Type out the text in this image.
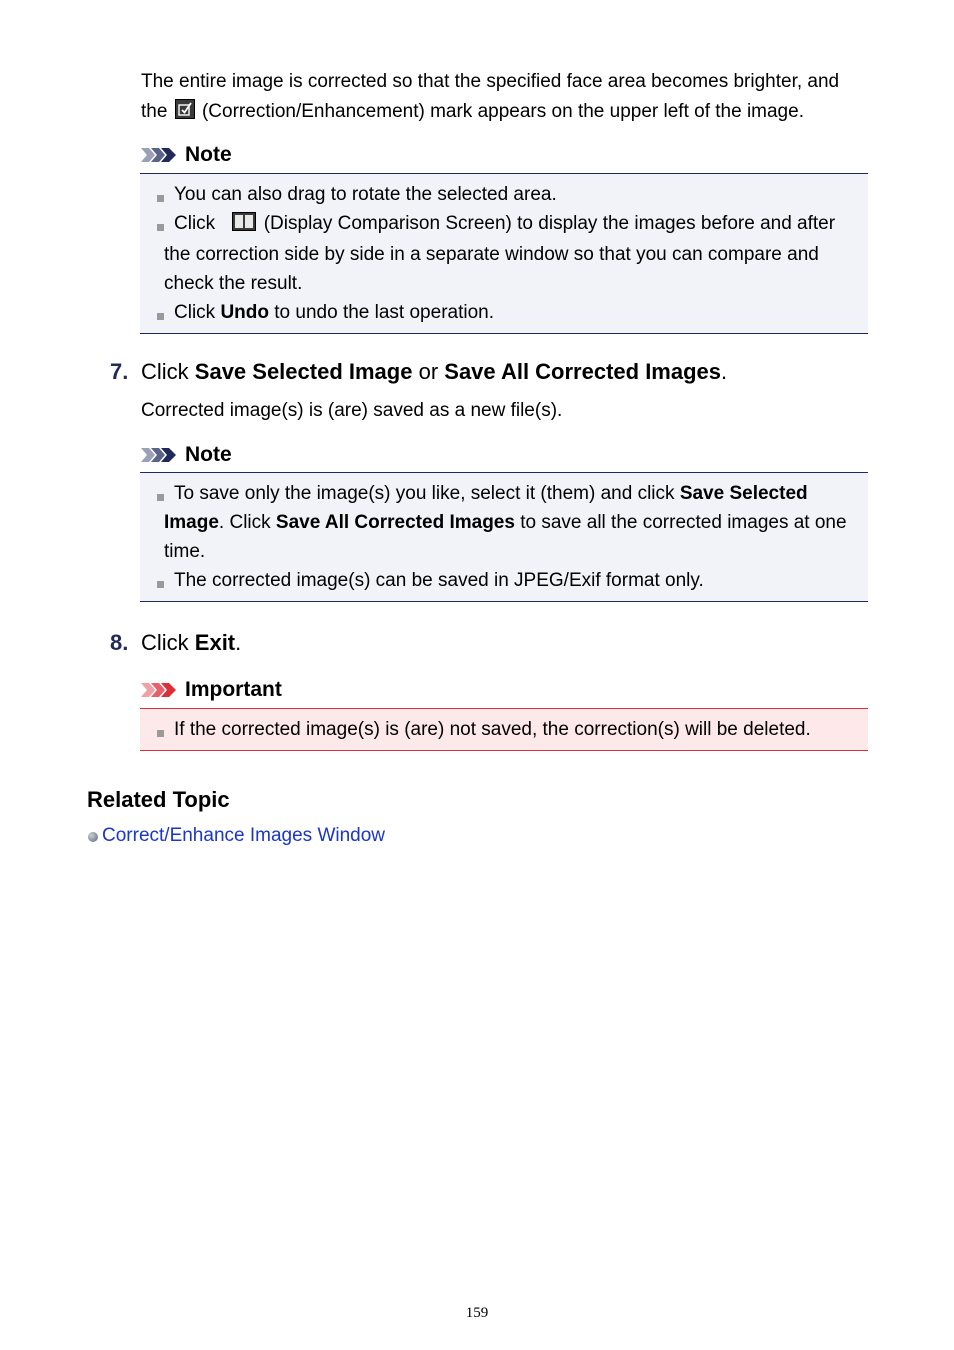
The entire image is corrected so that the specified face area becomes brighter, and
the (Correction/Enhancement) mark appears on the upper left of the image.
Note
You can also drag to rotate the selected area.
Click	(Display Comparison Screen) to display the images before and after the correction side by side in a separate window so that you can compare and check the result.
Click Undo to undo the last operation.
7. Click Save Selected Image or Save All Corrected Images.
Corrected image(s) is (are) saved as a new file(s).
Note
To save only the image(s) you like, select it (them) and click Save Selected Image. Click Save All Corrected Images to save all the corrected images at one time.
The corrected image(s) can be saved in JPEG/Exif format only.
8. Click Exit.
Important
If the corrected image(s) is (are) not saved, the correction(s) will be deleted.
Related Topic
Correct/Enhance Images Window
159
